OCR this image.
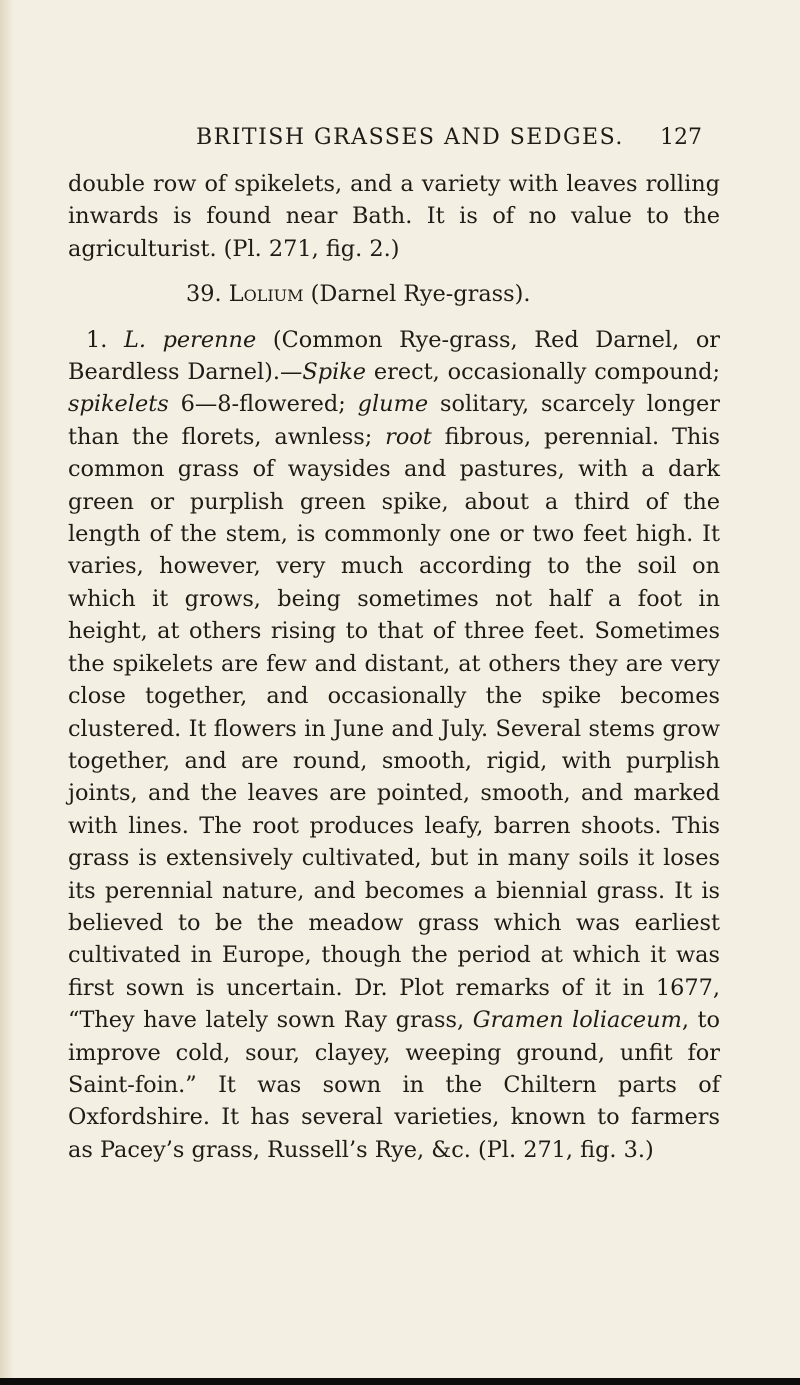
BRITISH GRASSES AND SEDGES. 127

double row of spikelets, and a variety with leaves rolling inwards is found near Bath. It is of no value to the agriculturist. (Pl. 271, fig. 2.)

39. Lolium (Darnel Rye-grass).

1. L. perenne (Common Rye-grass, Red Darnel, or Beardless Darnel).—Spike erect, occasionally compound; spikelets 6—8-flowered; glume solitary, scarcely longer than the florets, awnless; root fibrous, perennial. This common grass of waysides and pastures, with a dark green or purplish green spike, about a third of the length of the stem, is commonly one or two feet high. It varies, however, very much according to the soil on which it grows, being sometimes not half a foot in height, at others rising to that of three feet. Sometimes the spikelets are few and distant, at others they are very close together, and occasionally the spike becomes clustered. It flowers in June and July. Several stems grow together, and are round, smooth, rigid, with purplish joints, and the leaves are pointed, smooth, and marked with lines. The root produces leafy, barren shoots. This grass is extensively cultivated, but in many soils it loses its perennial nature, and becomes a biennial grass. It is believed to be the meadow grass which was earliest cultivated in Europe, though the period at which it was first sown is uncertain. Dr. Plot remarks of it in 1677, “They have lately sown Ray grass, Gramen loliaceum, to improve cold, sour, clayey, weeping ground, unfit for Saint-foin.” It was sown in the Chiltern parts of Oxfordshire. It has several varieties, known to farmers as Pacey’s grass, Russell’s Rye, &c. (Pl. 271, fig. 3.)
